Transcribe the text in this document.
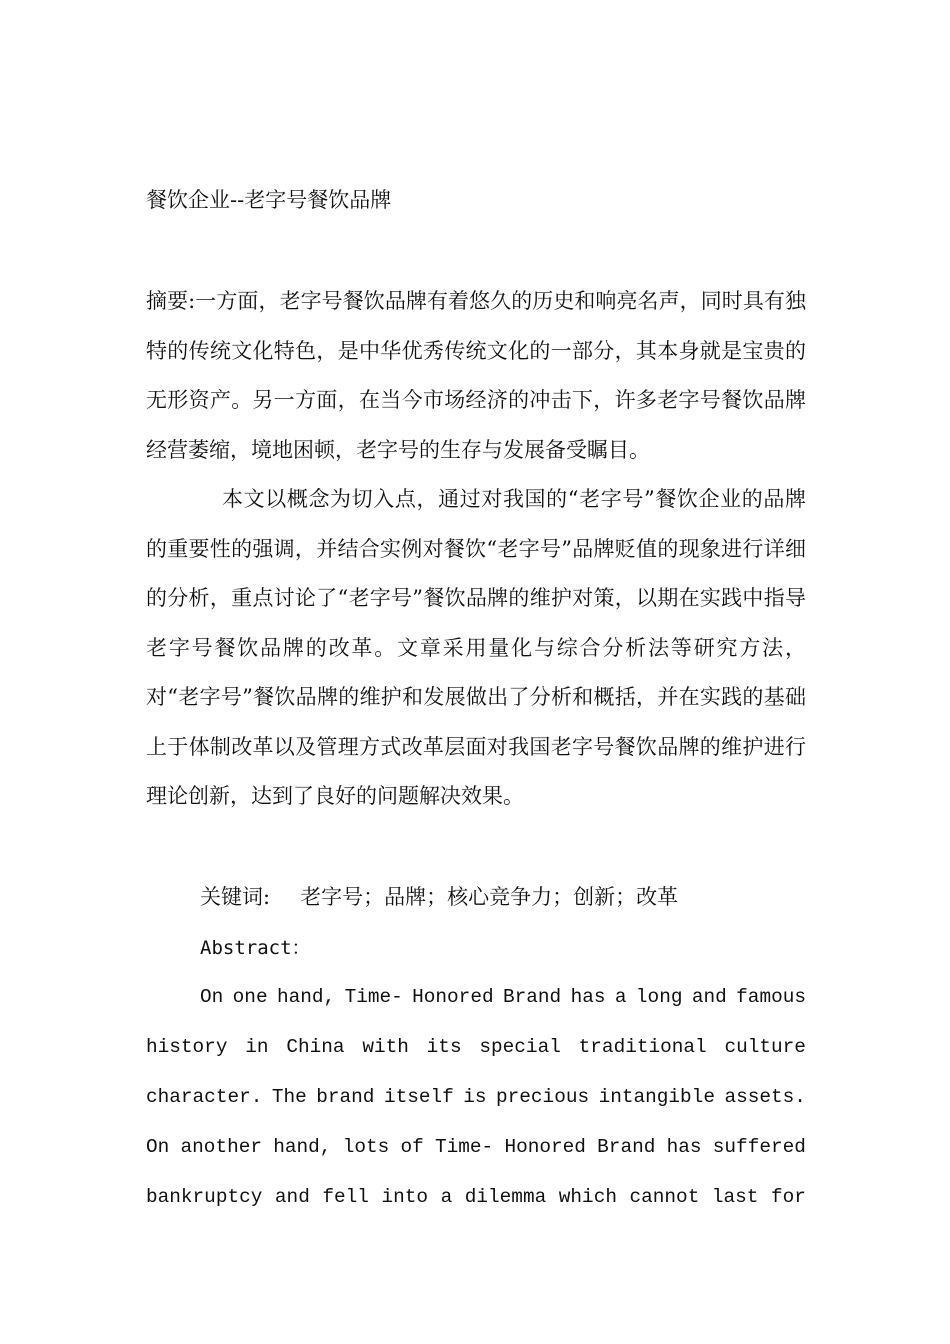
餐饮企业--老字号餐饮品牌

摘要:一方面，老字号餐饮品牌有着悠久的历史和响亮名声，同时具有独特的传统文化特色，是中华优秀传统文化的一部分，其本身就是宝贵的无形资产。另一方面，在当今市场经济的冲击下，许多老字号餐饮品牌经营萎缩，境地困顿，老字号的生存与发展备受瞩目。

本文以概念为切入点，通过对我国的“老字号”餐饮企业的品牌的重要性的强调，并结合实例对餐饮“老字号”品牌贬值的现象进行详细的分析，重点讨论了“老字号”餐饮品牌的维护对策，以期在实践中指导老字号餐饮品牌的改革。文章采用量化与综合分析法等研究方法，对“老字号”餐饮品牌的维护和发展做出了分析和概括，并在实践的基础上于体制改革以及管理方式改革层面对我国老字号餐饮品牌的维护进行理论创新，达到了良好的问题解决效果。

关键词: 老字号；品牌；核心竞争力；创新；改革
Abstract：
On one hand, Time- Honored Brand has a long and famous
history in China with its special traditional culture
character. The brand itself is precious intangible assets.
On another hand, lots of Time- Honored Brand has suffered
bankruptcy and fell into a dilemma which cannot last for
